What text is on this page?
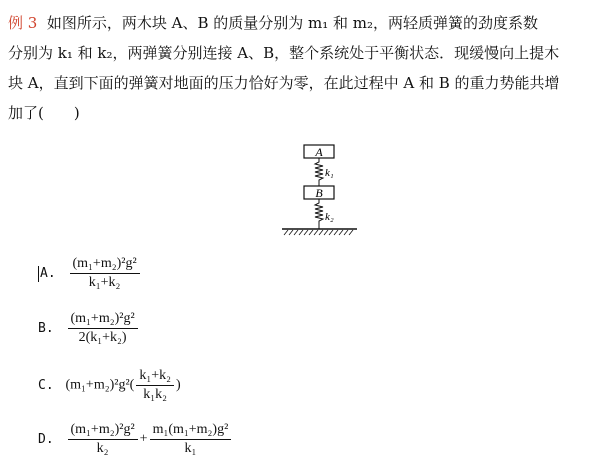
例 3 如图所示，两木块 A、B 的质量分别为 m₁ 和 m₂，两轻质弹簧的劲度系数
分别为 k₁ 和 k₂，两弹簧分别连接 A、B，整个系统处于平衡状态．现缓慢向上提木
块 A，直到下面的弹簧对地面的压力恰好为零，在此过程中 A 和 B 的重力势能共增
加了(　　)
A
k₁
B
k₂
A. $\frac{\text{(m₁+m₂)²g²}}{\text{k₁+k₂}}$
B. $\frac{\text{(m₁+m₂)²g²}}{\text{2(k₁+k₂)}}$
C. $(m_1+m_2)^2g^2( \frac{\text{k₁+k₂}}{\text{k₁k₂}}$ )
D. $\frac{\text{(m₁+m₂)²g²}}{\text{k₂}} + \frac{\text{m₁(m₁+m₂)g²}}{\text{k₁}}$
